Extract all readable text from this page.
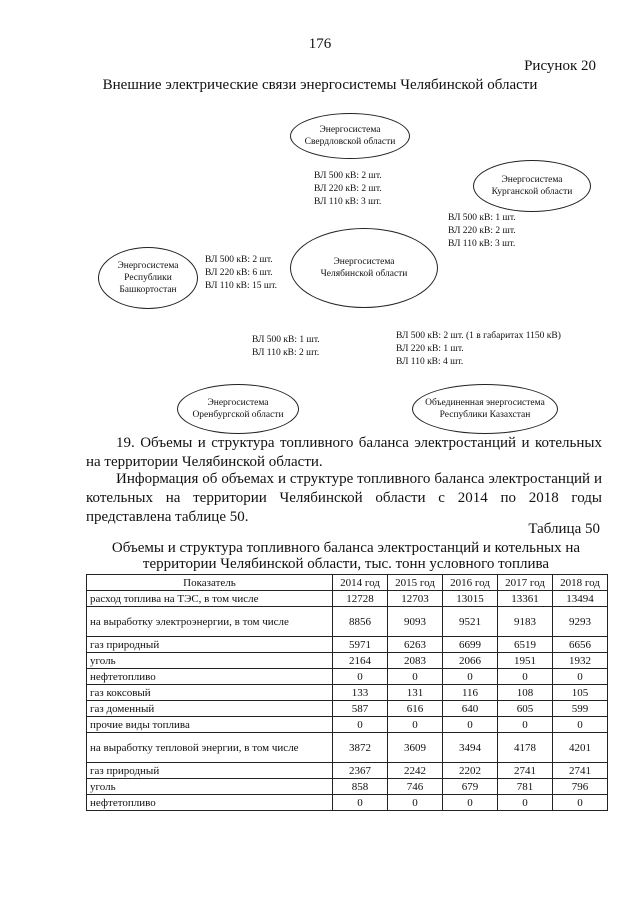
176
Рисунок 20
Внешние электрические связи энергосистемы Челябинской области
Энергосистема
Свердловской области
Энергосистема
Курганской области
Энергосистема
Челябинской области
Энергосистема
Республики
Башкортостан
Энергосистема
Оренбургской области
Объединенная энергосистема
Республики Казахстан
ВЛ 500 кВ: 2 шт.
ВЛ 220 кВ: 2 шт.
ВЛ 110 кВ: 3 шт.
ВЛ 500 кВ: 1 шт.
ВЛ 220 кВ: 2 шт.
ВЛ 110 кВ: 3 шт.
ВЛ 500 кВ: 2 шт.
ВЛ 220 кВ: 6 шт.
ВЛ 110 кВ: 15 шт.
ВЛ 500 кВ: 1 шт.
ВЛ 110 кВ: 2 шт.
ВЛ 500 кВ: 2 шт. (1 в габаритах 1150 кВ)
ВЛ 220 кВ: 1 шт.
ВЛ 110 кВ: 4 шт.
19. Объемы и структура топливного баланса электростанций и котельных на территории Челябинской области.
Информация об объемах и структуре топливного баланса электростанций и котельных на территории Челябинской области с 2014 по 2018 годы представлена таблице 50.
Таблица 50
Объемы и структура топливного баланса электростанций и котельных на территории Челябинской области, тыс. тонн условного топлива
Показатель	2014 год	2015 год	2016 год	2017 год	2018 год
расход топлива на ТЭС, в том числе	12728	12703	13015	13361	13494
на выработку электроэнергии, в том числе	8856	9093	9521	9183	9293
газ природный	5971	6263	6699	6519	6656
уголь	2164	2083	2066	1951	1932
нефтетопливо	0	0	0	0	0
газ коксовый	133	131	116	108	105
газ доменный	587	616	640	605	599
прочие виды топлива	0	0	0	0	0
на выработку тепловой энергии, в том числе	3872	3609	3494	4178	4201
газ природный	2367	2242	2202	2741	2741
уголь	858	746	679	781	796
нефтетопливо	0	0	0	0	0
